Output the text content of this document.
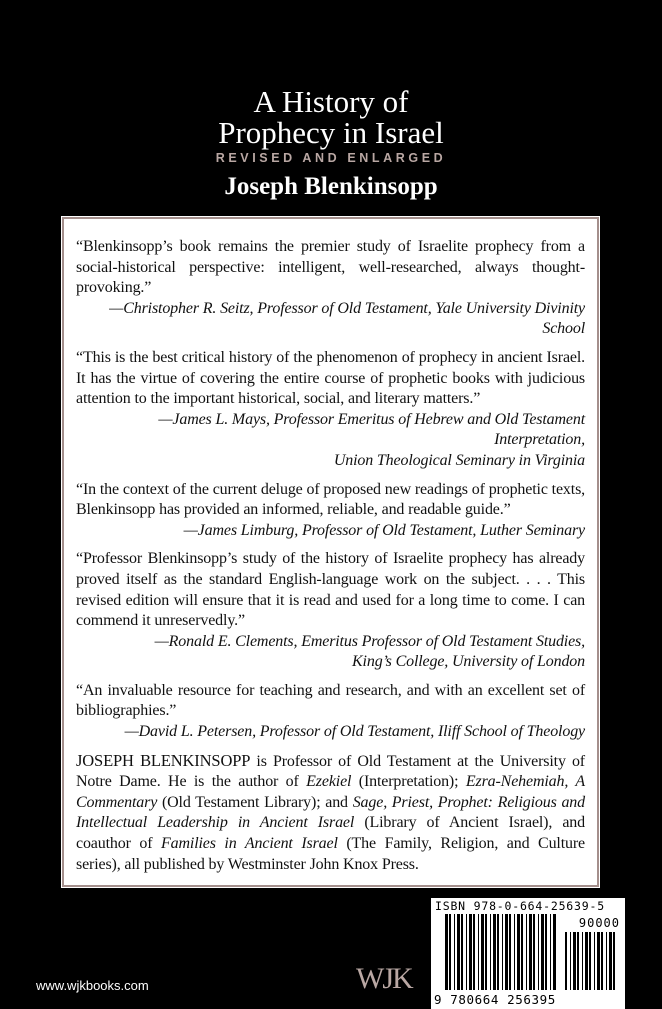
A History of
Prophecy in Israel
REVISED AND ENLARGED
Joseph Blenkinsopp

“Blenkinsopp’s book remains the premier study of Israelite prophecy from a social-historical perspective: intelligent, well-researched, always thought-provoking.”

—Christopher R. Seitz, Professor of Old Testament, Yale University Divinity School

“This is the best critical history of the phenomenon of prophecy in ancient Israel. It has the virtue of covering the entire course of prophetic books with judicious attention to the important historical, social, and literary matters.”

—James L. Mays, Professor Emeritus of Hebrew and Old Testament Interpretation,
Union Theological Seminary in Virginia

“In the context of the current deluge of proposed new readings of prophetic texts, Blenkinsopp has provided an informed, reliable, and readable guide.”

—James Limburg, Professor of Old Testament, Luther Seminary

“Professor Blenkinsopp’s study of the history of Israelite prophecy has already proved itself as the standard English-language work on the subject. . . . This revised edition will ensure that it is read and used for a long time to come. I can commend it unreservedly.”

—Ronald E. Clements, Emeritus Professor of Old Testament Studies,
King’s College, University of London

“An invaluable resource for teaching and research, and with an excellent set of bibliographies.”

—David L. Petersen, Professor of Old Testament, Iliff School of Theology

JOSEPH BLENKINSOPP is Professor of Old Testament at the University of Notre Dame. He is the author of Ezekiel (Interpretation); Ezra-Nehemiah, A Commentary (Old Testament Library); and Sage, Priest, Prophet: Religious and Intellectual Leadership in Ancient Israel (Library of Ancient Israel), and coauthor of Families in Ancient Israel (The Family, Religion, and Culture series), all published by Westminster John Knox Press.

www.wjkbooks.com	WJK
ISBN 978-0-664-25639-5
90000
9 780664 256395
